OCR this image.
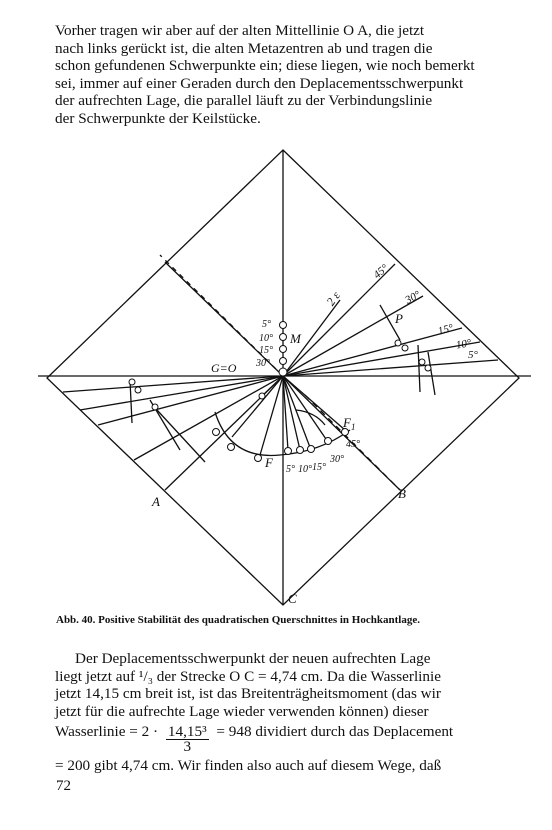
Vorher tragen wir aber auf der alten Mittellinie O A, die jetzt
nach links gerückt ist, die alten Metazentren ab und tragen die
schon gefundenen Schwerpunkte ein; diese liegen, wie noch bemerkt
sei, immer auf einer Geraden durch den Deplacementsschwerpunkt
der aufrechten Lage, die parallel läuft zu der Verbindungslinie
der Schwerpunkte der Keilstücke.
C
A
B
M
P
F
$F_1$
G=O
2 ε
5°
10°
15°
30°
45°
30°
15°
10°
5°
5° 10° 15°
30°
45°
Abb. 40. Positive Stabilität des quadratischen Querschnittes in Hochkantlage.
Der Deplacementsschwerpunkt der neuen aufrechten Lage
liegt jetzt auf ¹/₃ der Strecke O C = 4,74 cm. Da die Wasserlinie
jetzt 14,15 cm breit ist, ist das Breitenträgheitsmoment (das wir
jetzt für die aufrechte Lage wieder verwenden können) dieser
Wasserlinie = $2 \cdot \frac{\text{14,15³}}{3} = 948$ dividiert durch das Deplacement
= 200 gibt 4,74 cm. Wir finden also auch auf diesem Wege, daß
72
